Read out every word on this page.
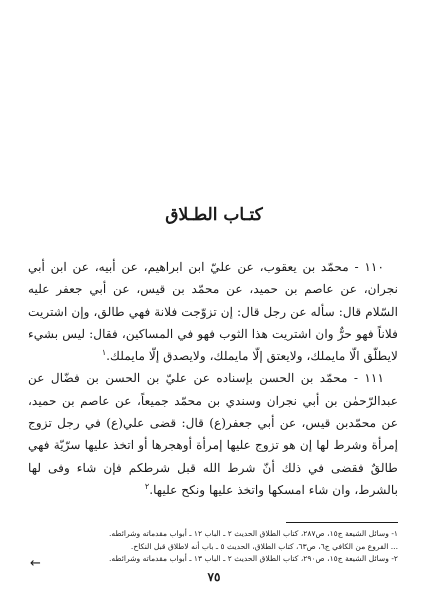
كتـاب الطـلاق

١١٠ - محمّد بن يعقوب، عن عليّ ابن ابراهيم، عن أبيه، عن ابن أبي نجران، عن عاصم بن حميد، عن محمّد بن قيس، عن أبي جعفر عليه السّلام قال: سأله عن رجل قال: إن تزوّجت فلانة فهي طالق، وإن اشتريت فلاناً فهو حرٌّ وان اشتريت هذا الثوب فهو في المساكين، فقال: ليس بشيء لايطلّق الّا مايملك، ولايعتق إلّا مايملك، ولايصدق إلّا مايملك.$^١$

١١١ - محمّد بن الحسن بإسناده عن عليّ بن الحسن بن فضّال عن عبدالرّحمٰن بن أبي نجران وسندي بن محمّد جميعاً، عن عاصم بن حميد، عن محمّدبن قيس، عن أبي جعفر(ع) قال: قضى علي(ع) في رجل تزوج إمرأة وشرط لها إن هو تزوج عليها إمرأة أوهجرها أو اتخذ عليها سرّيّة فهي طالقٌ فقضى في ذلك أنّ شرط الله قبل شرطكم فإن شاء وفى لها بالشرط، وان شاء امسكها واتخذ عليها ونكح عليها.$^٢$

١- وسائل الشيعة ج١٥، ص٢٨٧، كتاب الطلاق الحديث ٢ ـ الباب ١٢ ـ أبواب مقدماته وشرائطه.

... الفروع من الكافي ج٦، ص٦٣، كتاب الطلاق، الحديث ٥ ـ باب أنه لاطلاق قبل النكاح.

٢- وسائل الشيعة ج١٥، ص٢٩٠، كتاب الطلاق الحديث ٢ ـ الباب ١٣ ـ أبواب مقدماته وشرائطه.

←
٧٥
